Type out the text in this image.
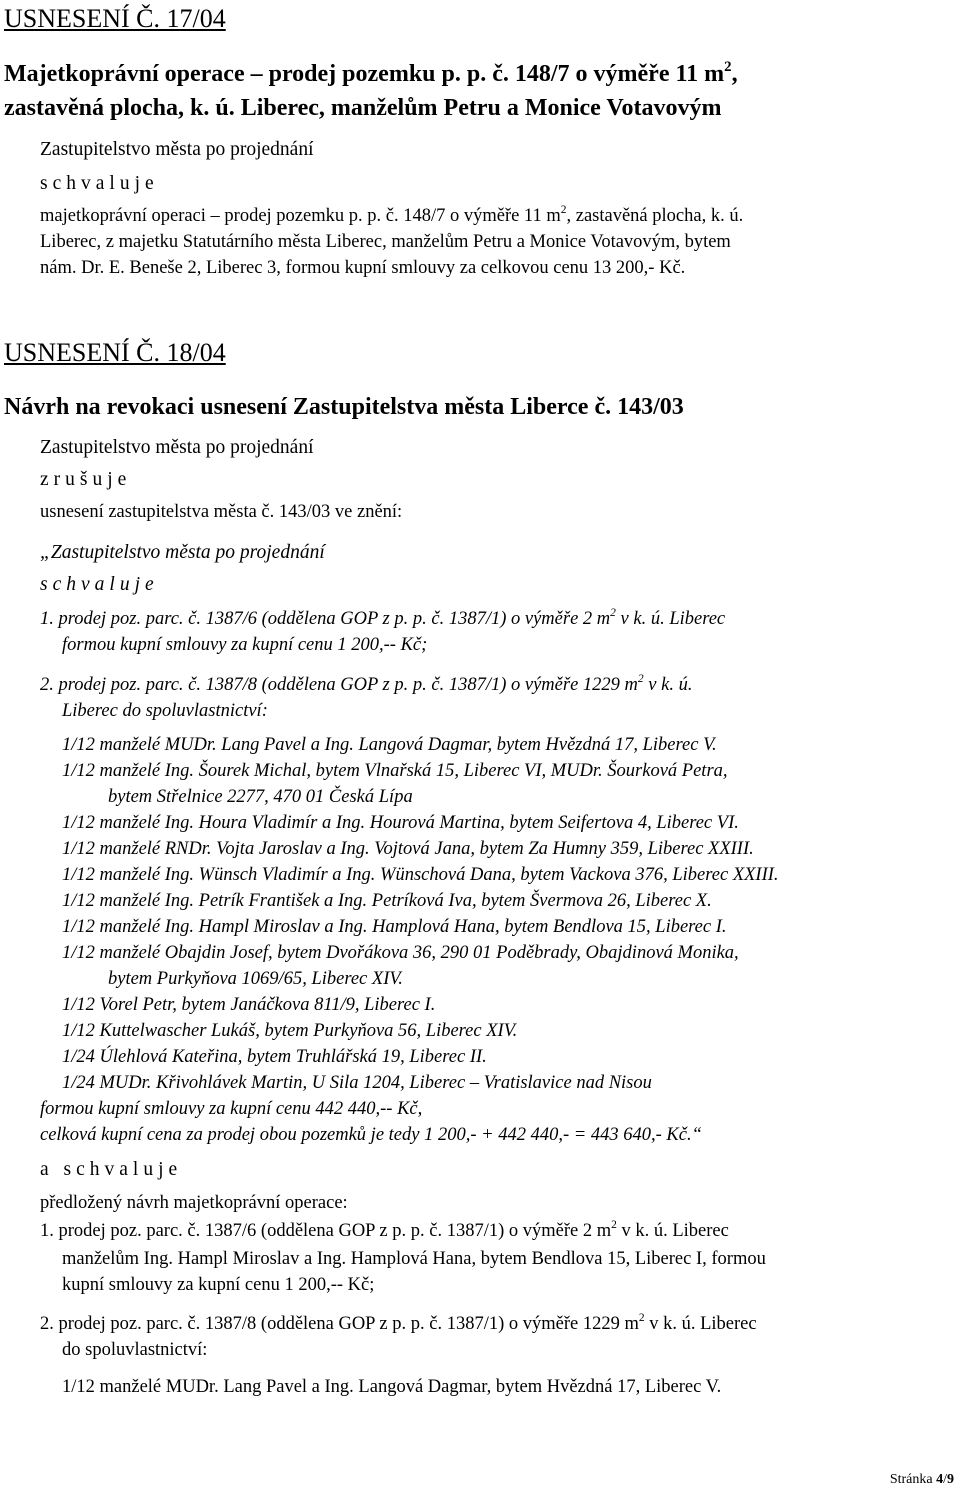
USNESENÍ Č. 17/04
Majetkoprávní operace – prodej pozemku p. p. č. 148/7 o výměře 11 $m^2$,
zastavěná plocha, k. ú. Liberec, manželům Petru a Monice Votavovým
Zastupitelstvo města po projednání
schvaluje
majetkoprávní operaci – prodej pozemku p. p. č. 148/7 o výměře 11 $m^2$, zastavěná plocha, k. ú.
Liberec, z majetku Statutárního města Liberec, manželům Petru a Monice Votavovým, bytem
nám. Dr. E. Beneše 2, Liberec 3, formou kupní smlouvy za celkovou cenu 13 200,- Kč.
USNESENÍ Č. 18/04
Návrh na revokaci usnesení Zastupitelstva města Liberce č. 143/03
Zastupitelstvo města po projednání
zrušuje
usnesení zastupitelstva města č. 143/03 ve znění:
„Zastupitelstvo města po projednání
schvaluje
1. prodej poz. parc. č. 1387/6 (oddělena GOP z p. p. č. 1387/1) o výměře 2 $m^2$ v k. ú. Liberec
formou kupní smlouvy za kupní cenu 1 200,-- Kč;
2. prodej poz. parc. č. 1387/8 (oddělena GOP z p. p. č. 1387/1) o výměře 1229 $m^2$ v k. ú.
Liberec do spoluvlastnictví:
1/12 manželé MUDr. Lang Pavel a Ing. Langová Dagmar, bytem Hvězdná 17, Liberec V.
1/12 manželé Ing. Šourek Michal, bytem Vlnařská 15, Liberec VI, MUDr. Šourková Petra,
bytem Střelnice 2277, 470 01 Česká Lípa
1/12 manželé Ing. Houra Vladimír a Ing. Hourová Martina, bytem Seifertova 4, Liberec VI.
1/12 manželé RNDr. Vojta Jaroslav a Ing. Vojtová Jana, bytem Za Humny 359, Liberec XXIII.
1/12 manželé Ing. Wünsch Vladimír a Ing. Wünschová Dana, bytem Vackova 376, Liberec XXIII.
1/12 manželé Ing. Petrík František a Ing. Petríková Iva, bytem Švermova 26, Liberec X.
1/12 manželé Ing. Hampl Miroslav a Ing. Hamplová Hana, bytem Bendlova 15, Liberec I.
1/12 manželé Obajdin Josef, bytem Dvořákova 36, 290 01 Poděbrady, Obajdinová Monika,
bytem Purkyňova 1069/65, Liberec XIV.
1/12 Vorel Petr, bytem Janáčkova 811/9, Liberec I.
1/12 Kuttelwascher Lukáš, bytem Purkyňova 56, Liberec XIV.
1/24 Úlehlová Kateřina, bytem Truhlářská 19, Liberec II.
1/24 MUDr. Křivohlávek Martin, U Sila 1204, Liberec – Vratislavice nad Nisou
formou kupní smlouvy za kupní cenu 442 440,-- Kč,
celková kupní cena za prodej obou pozemků je tedy 1 200,- + 442 440,- = 443 640,- Kč.“
a schvaluje
předložený návrh majetkoprávní operace:
1. prodej poz. parc. č. 1387/6 (oddělena GOP z p. p. č. 1387/1) o výměře 2 $m^2$ v k. ú. Liberec
manželům Ing. Hampl Miroslav a Ing. Hamplová Hana, bytem Bendlova 15, Liberec I, formou
kupní smlouvy za kupní cenu 1 200,-- Kč;
2. prodej poz. parc. č. 1387/8 (oddělena GOP z p. p. č. 1387/1) o výměře 1229 $m^2$ v k. ú. Liberec
do spoluvlastnictví:
1/12 manželé MUDr. Lang Pavel a Ing. Langová Dagmar, bytem Hvězdná 17, Liberec V.
Stránka 4/9
